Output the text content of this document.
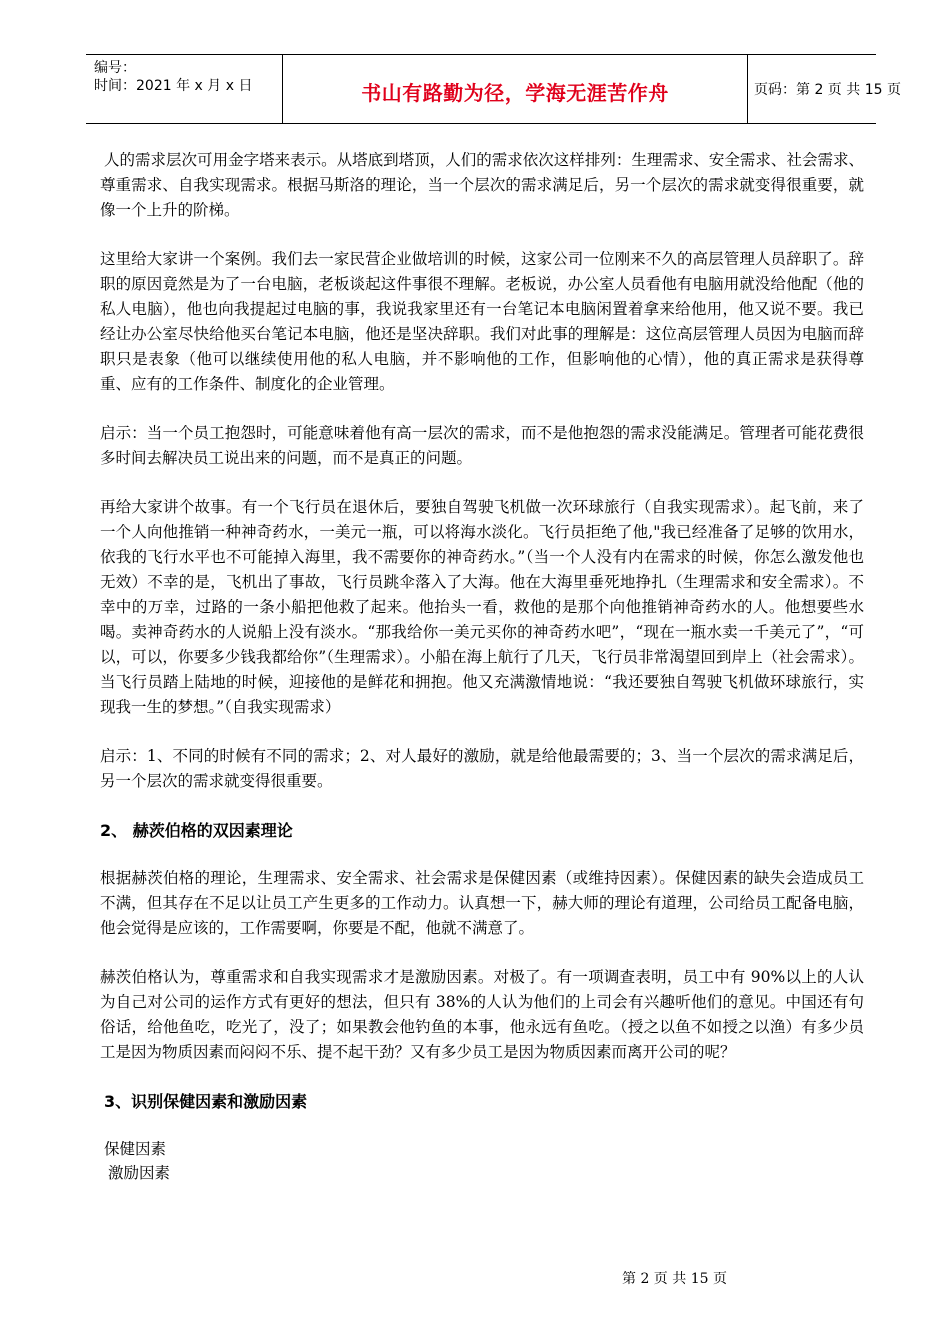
编号：
时间：2021 年 x 月 x 日	书山有路勤为径，学海无涯苦作舟	页码：第 2 页 共 15 页

人的需求层次可用金字塔来表示。从塔底到塔顶，人们的需求依次这样排列：生理需求、安全需求、社会需求、尊重需求、自我实现需求。根据马斯洛的理论，当一个层次的需求满足后，另一个层次的需求就变得很重要，就像一个上升的阶梯。

这里给大家讲一个案例。我们去一家民营企业做培训的时候，这家公司一位刚来不久的高层管理人员辞职了。辞职的原因竟然是为了一台电脑，老板谈起这件事很不理解。老板说，办公室人员看他有电脑用就没给他配（他的私人电脑），他也向我提起过电脑的事，我说我家里还有一台笔记本电脑闲置着拿来给他用，他又说不要。我已经让办公室尽快给他买台笔记本电脑，他还是坚决辞职。我们对此事的理解是：这位高层管理人员因为电脑而辞职只是表象（他可以继续使用他的私人电脑，并不影响他的工作，但影响他的心情），他的真正需求是获得尊重、应有的工作条件、制度化的企业管理。

启示：当一个员工抱怨时，可能意味着他有高一层次的需求，而不是他抱怨的需求没能满足。管理者可能花费很多时间去解决员工说出来的问题，而不是真正的问题。

再给大家讲个故事。有一个飞行员在退休后，要独自驾驶飞机做一次环球旅行（自我实现需求）。起飞前，来了一个人向他推销一种神奇药水，一美元一瓶，可以将海水淡化。飞行员拒绝了他,"我已经准备了足够的饮用水，依我的飞行水平也不可能掉入海里，我不需要你的神奇药水。”（当一个人没有内在需求的时候，你怎么激发他也无效）不幸的是，飞机出了事故，飞行员跳伞落入了大海。他在大海里垂死地挣扎（生理需求和安全需求）。不幸中的万幸，过路的一条小船把他救了起来。他抬头一看，救他的是那个向他推销神奇药水的人。他想要些水喝。卖神奇药水的人说船上没有淡水。“那我给你一美元买你的神奇药水吧”，“现在一瓶水卖一千美元了”，“可以，可以，你要多少钱我都给你”（生理需求）。小船在海上航行了几天，飞行员非常渴望回到岸上（社会需求）。当飞行员踏上陆地的时候，迎接他的是鲜花和拥抱。他又充满激情地说：“我还要独自驾驶飞机做环球旅行，实现我一生的梦想。”（自我实现需求）

启示：1、不同的时候有不同的需求；2、对人最好的激励，就是给他最需要的；3、当一个层次的需求满足后，另一个层次的需求就变得很重要。

2、 赫茨伯格的双因素理论

根据赫茨伯格的理论，生理需求、安全需求、社会需求是保健因素（或维持因素）。保健因素的缺失会造成员工不满，但其存在不足以让员工产生更多的工作动力。认真想一下，赫大师的理论有道理，公司给员工配备电脑，他会觉得是应该的，工作需要啊，你要是不配，他就不满意了。

赫茨伯格认为，尊重需求和自我实现需求才是激励因素。对极了。有一项调查表明，员工中有 90%以上的人认为自己对公司的运作方式有更好的想法，但只有 38%的人认为他们的上司会有兴趣听他们的意见。中国还有句俗话，给他鱼吃，吃光了，没了；如果教会他钓鱼的本事，他永远有鱼吃。（授之以鱼不如授之以渔）有多少员工是因为物质因素而闷闷不乐、提不起干劲？又有多少员工是因为物质因素而离开公司的呢？

3、识别保健因素和激励因素
保健因素
激励因素
第 2 页 共 15 页
